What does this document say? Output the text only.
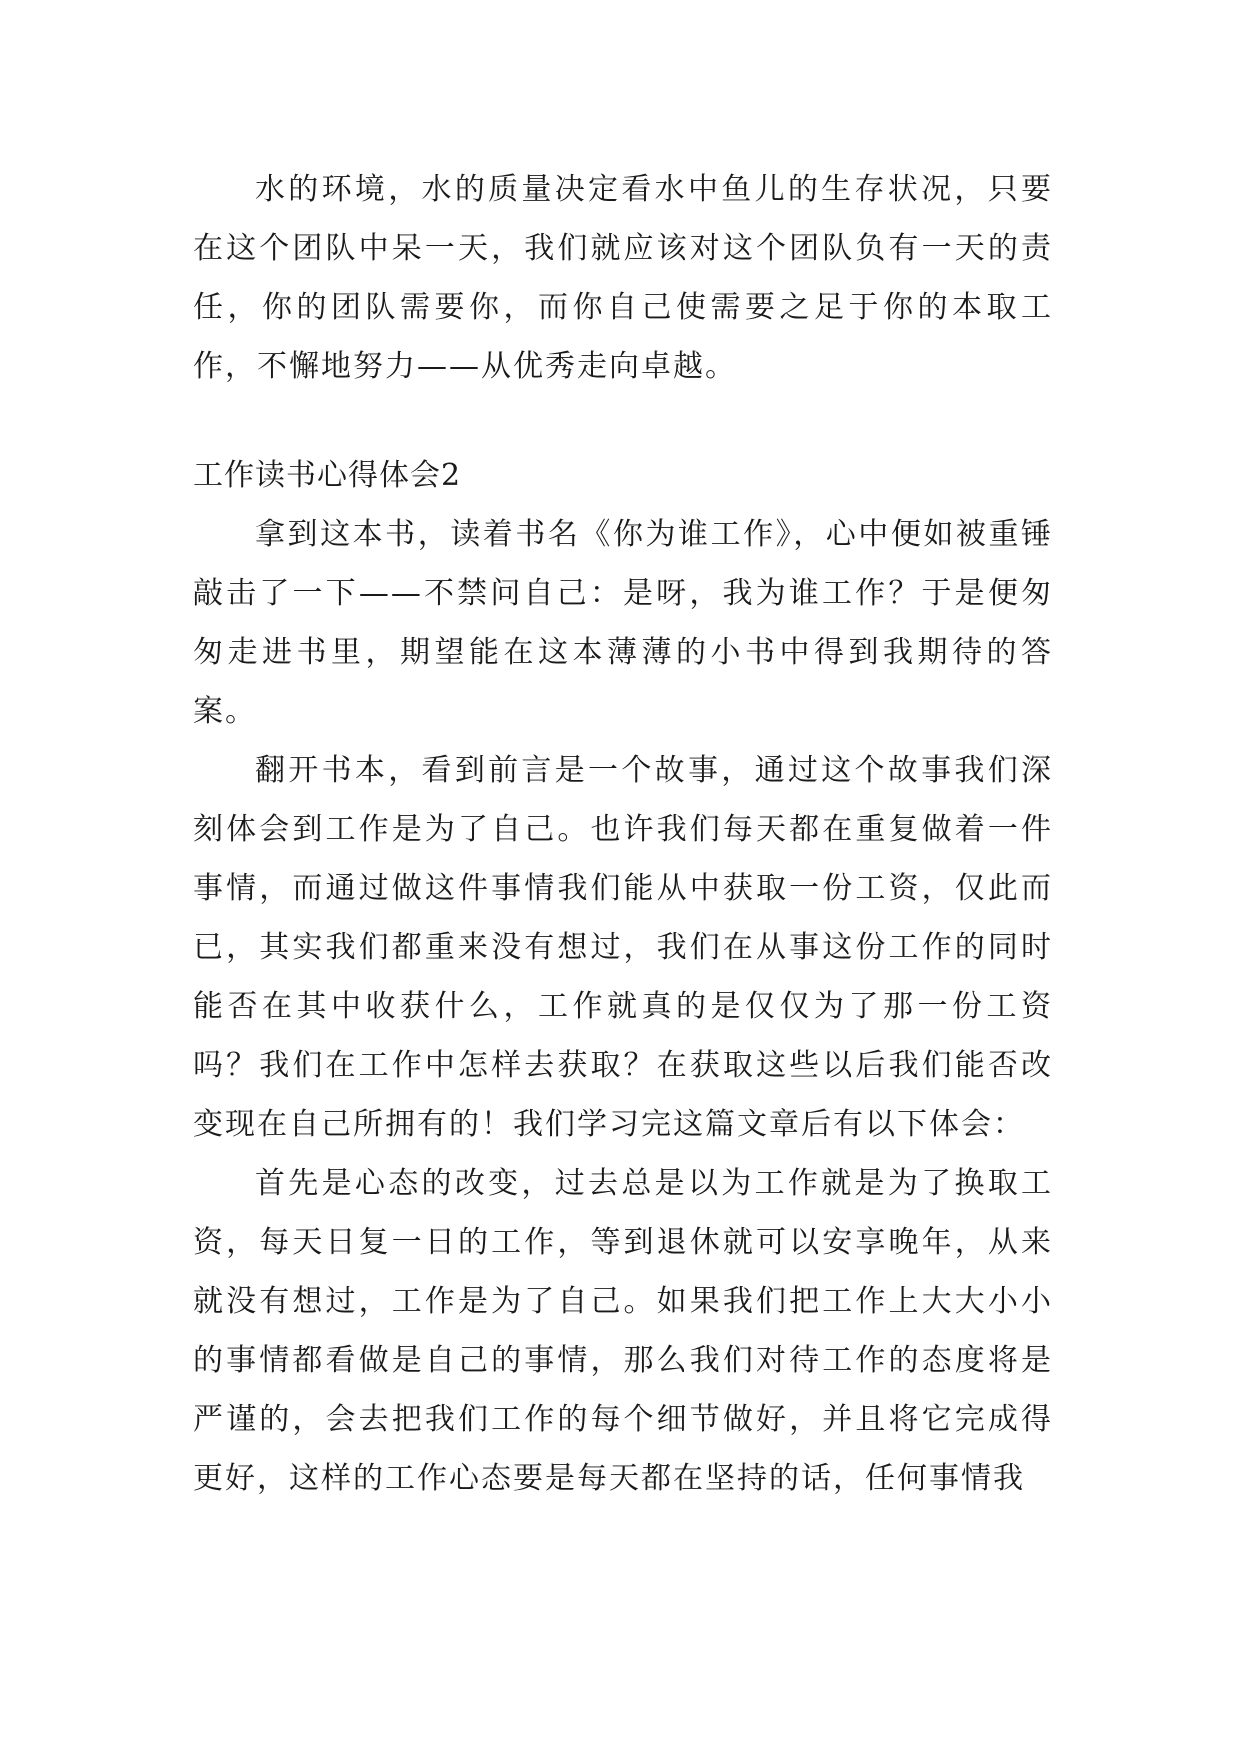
水的环境，水的质量决定看水中鱼儿的生存状况，只要在这个团队中呆一天，我们就应该对这个团队负有一天的责任，你的团队需要你，而你自己使需要之足于你的本取工作，不懈地努力——从优秀走向卓越。

工作读书心得体会2

拿到这本书，读着书名《你为谁工作》，心中便如被重锤敲击了一下——不禁问自己：是呀，我为谁工作？于是便匆匆走进书里，期望能在这本薄薄的小书中得到我期待的答案。

翻开书本，看到前言是一个故事，通过这个故事我们深刻体会到工作是为了自己。也许我们每天都在重复做着一件事情，而通过做这件事情我们能从中获取一份工资，仅此而已，其实我们都重来没有想过，我们在从事这份工作的同时能否在其中收获什么，工作就真的是仅仅为了那一份工资吗？我们在工作中怎样去获取？在获取这些以后我们能否改变现在自己所拥有的！我们学习完这篇文章后有以下体会：

首先是心态的改变，过去总是以为工作就是为了换取工资，每天日复一日的工作，等到退休就可以安享晚年，从来就没有想过，工作是为了自己。如果我们把工作上大大小小的事情都看做是自己的事情，那么我们对待工作的态度将是严谨的，会去把我们工作的每个细节做好，并且将它完成得更好，这样的工作心态要是每天都在坚持的话，任何事情我
